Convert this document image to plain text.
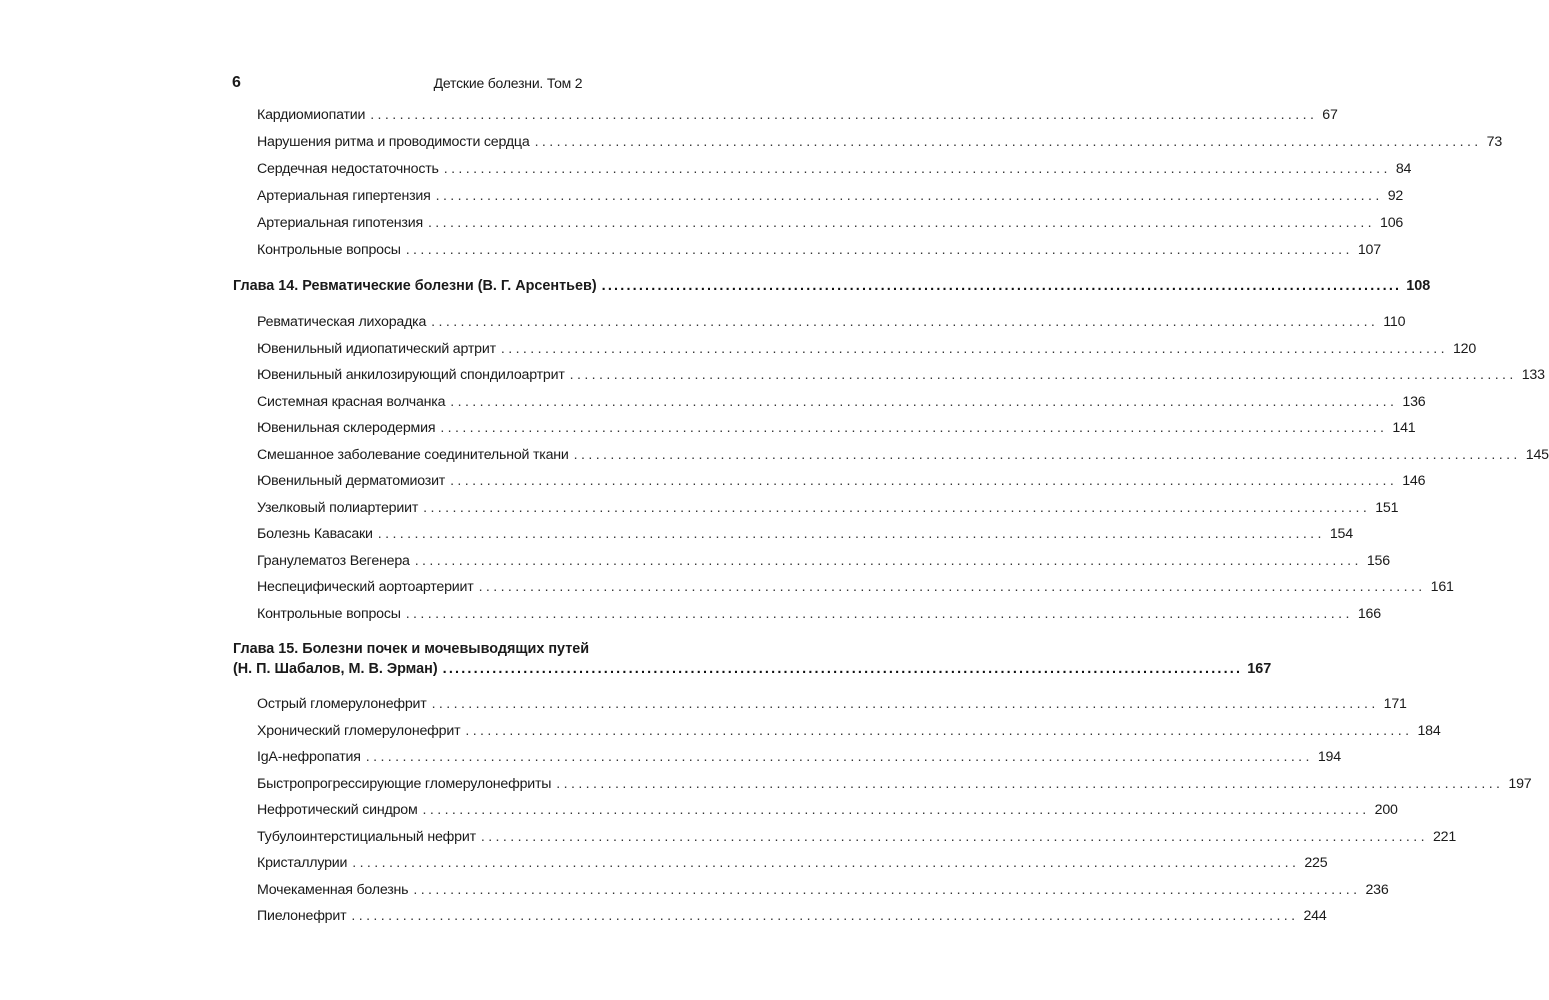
6	Детские болезни. Том 2
Кардиомиопатии ................................................................................................................................. 67
Нарушения ритма и проводимости сердца ................................................................................................................................. 73
Сердечная недостаточность ................................................................................................................................. 84
Артериальная гипертензия ................................................................................................................................. 92
Артериальная гипотензия ................................................................................................................................. 106
Контрольные вопросы ................................................................................................................................. 107
Глава 14. Ревматические болезни (В. Г. Арсентьев) ................................................................................................................................. 108
Ревматическая лихорадка ................................................................................................................................. 110
Ювенильный идиопатический артрит ................................................................................................................................. 120
Ювенильный анкилозирующий спондилоартрит ................................................................................................................................. 133
Системная красная волчанка ................................................................................................................................. 136
Ювенильная склеродермия ................................................................................................................................. 141
Смешанное заболевание соединительной ткани ................................................................................................................................. 145
Ювенильный дерматомиозит ................................................................................................................................. 146
Узелковый полиартериит ................................................................................................................................. 151
Болезнь Кавасаки ................................................................................................................................. 154
Гранулематоз Вегенера ................................................................................................................................. 156
Неспецифический аортоартериит ................................................................................................................................. 161
Контрольные вопросы ................................................................................................................................. 166
Глава 15. Болезни почек и мочевыводящих путей
(Н. П. Шабалов, М. В. Эрман) ................................................................................................................................. 167
Острый гломерулонефрит ................................................................................................................................. 171
Хронический гломерулонефрит ................................................................................................................................. 184
IgA-нефропатия ................................................................................................................................. 194
Быстропрогрессирующие гломерулонефриты ................................................................................................................................. 197
Нефротический синдром ................................................................................................................................. 200
Тубулоинтерстициальный нефрит ................................................................................................................................. 221
Кристаллурии ................................................................................................................................. 225
Мочекаменная болезнь ................................................................................................................................. 236
Пиелонефрит ................................................................................................................................. 244
